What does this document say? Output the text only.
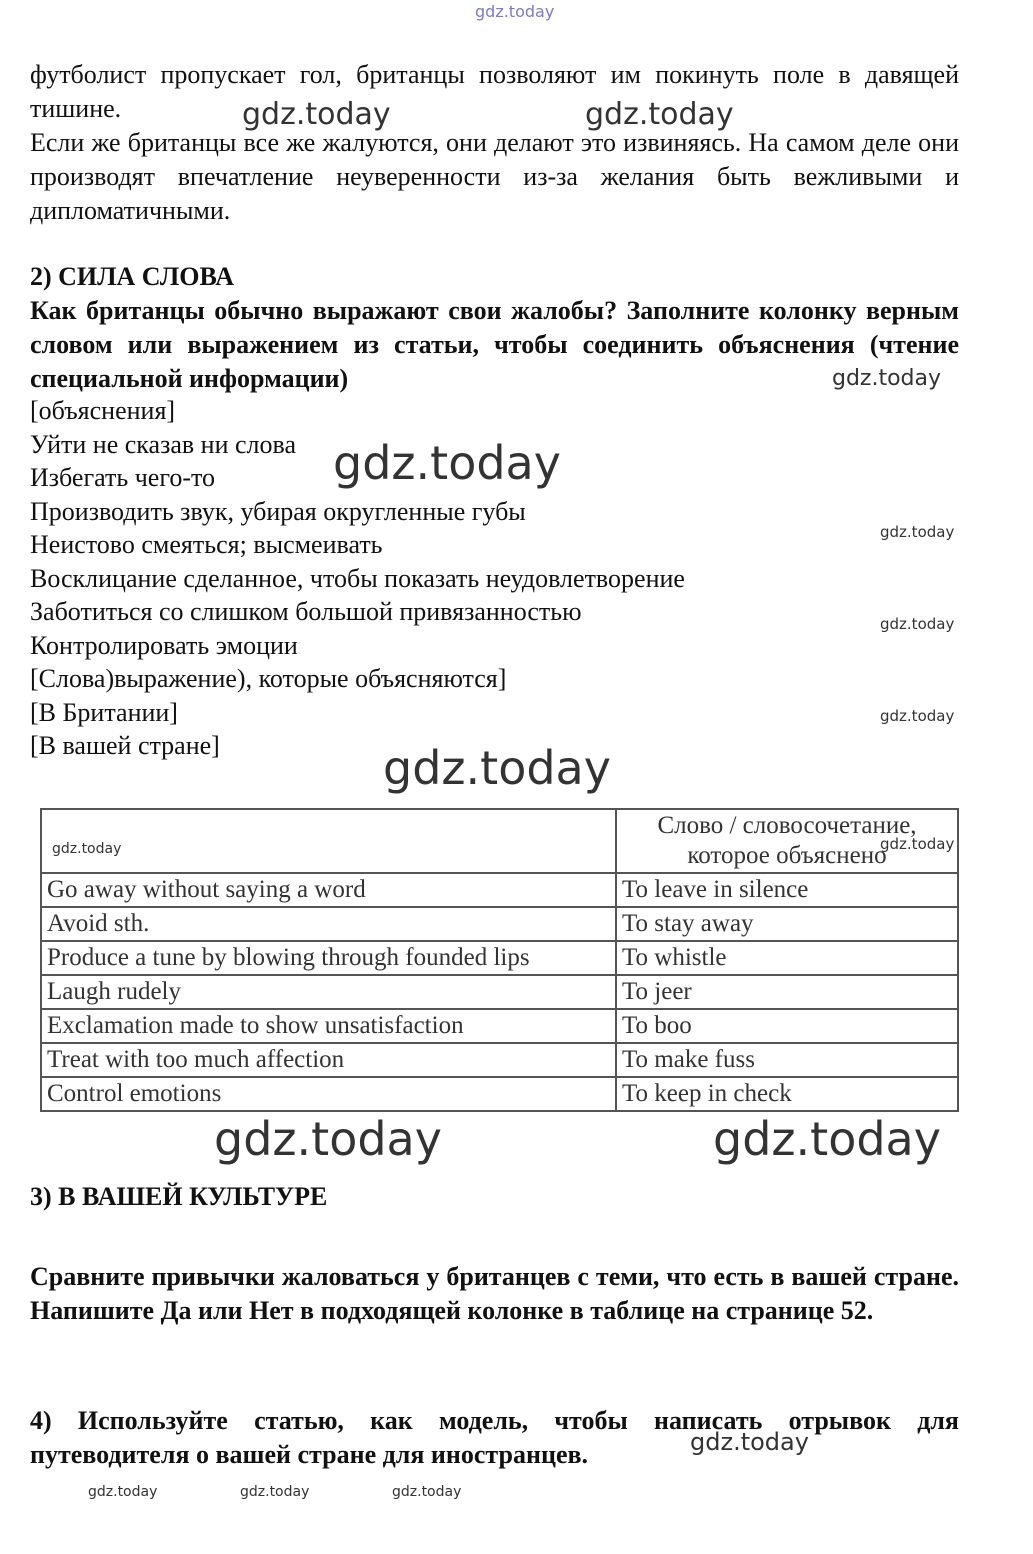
gdz.today

футболист пропускает гол, британцы позволяют им покинуть поле в давящей тишине.

Если же британцы все же жалуются, они делают это извиняясь. На самом деле они производят впечатление неуверенности из-за желания быть вежливыми и дипломатичными.

gdz.today	gdz.today
2) СИЛА СЛОВА

Как британцы обычно выражают свои жалобы? Заполните колонку верным словом или выражением из статьи, чтобы соединить объяснения (чтение специальной информации)	gdz.today
[объяснения]
Уйти не сказав ни слова
Избегать чего-то
Производить звук, убирая округленные губы
Неистово смеяться; высмеивать
Восклицание сделанное, чтобы показать неудовлетворение
Заботиться со слишком большой привязанностью
Контролировать эмоции
[Слова)выражение), которые объясняются]
[В Британии]
[В вашей стране]
gdz.today
gdz.today
gdz.today
gdz.today
gdz.today
	Слово / словосочетание, которое объяснено
Go away without saying a word	To leave in silence
Avoid sth.	To stay away
Produce a tune by blowing through founded lips	To whistle
Laugh rudely	To jeer
Exclamation made to show unsatisfaction	To boo
Treat with too much affection	To make fuss
Control emotions	To keep in check
gdz.today	gdz.today
gdz.today	gdz.today
3) В ВАШЕЙ КУЛЬТУРЕ

Сравните привычки жаловаться у британцев с теми, что есть в вашей стране. Напишите Да или Нет в подходящей колонке в таблице на странице 52.

4) Используйте статью, как модель, чтобы написать отрывок для путеводителя о вашей стране для иностранцев.	gdz.today
gdz.today	gdz.today	gdz.today
